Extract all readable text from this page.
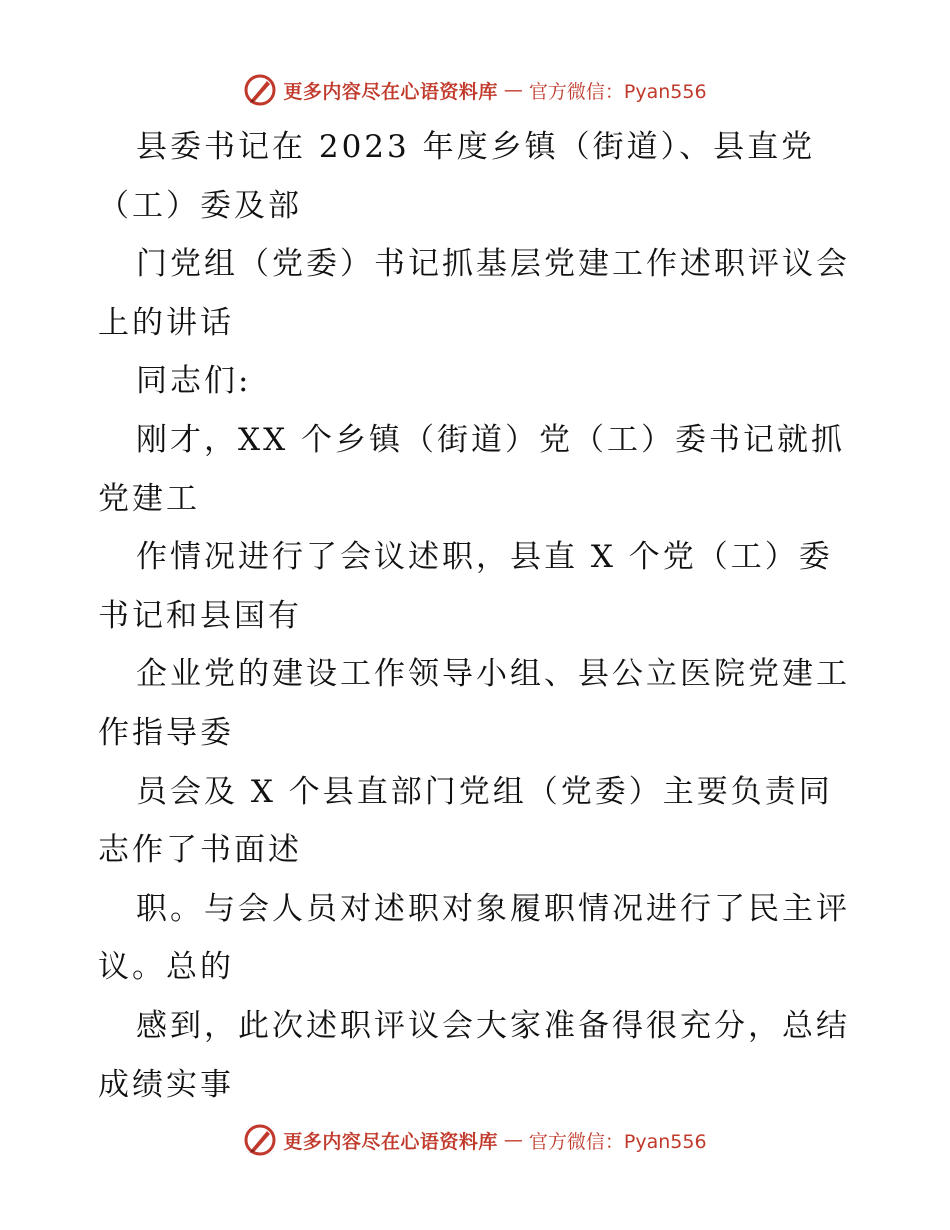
更多内容尽在心语资料库 — 官方微信：Pyan556
县委书记在 2023 年度乡镇（街道）、县直党
（工）委及部
门党组（党委）书记抓基层党建工作述职评议会
上的讲话
同志们:
刚才，XX 个乡镇（街道）党（工）委书记就抓
党建工
作情况进行了会议述职，县直 X 个党（工）委
书记和县国有
企业党的建设工作领导小组、县公立医院党建工
作指导委
员会及 X 个县直部门党组（党委）主要负责同
志作了书面述
职。与会人员对述职对象履职情况进行了民主评
议。总的
感到，此次述职评议会大家准备得很充分，总结
成绩实事
更多内容尽在心语资料库 — 官方微信：Pyan556
